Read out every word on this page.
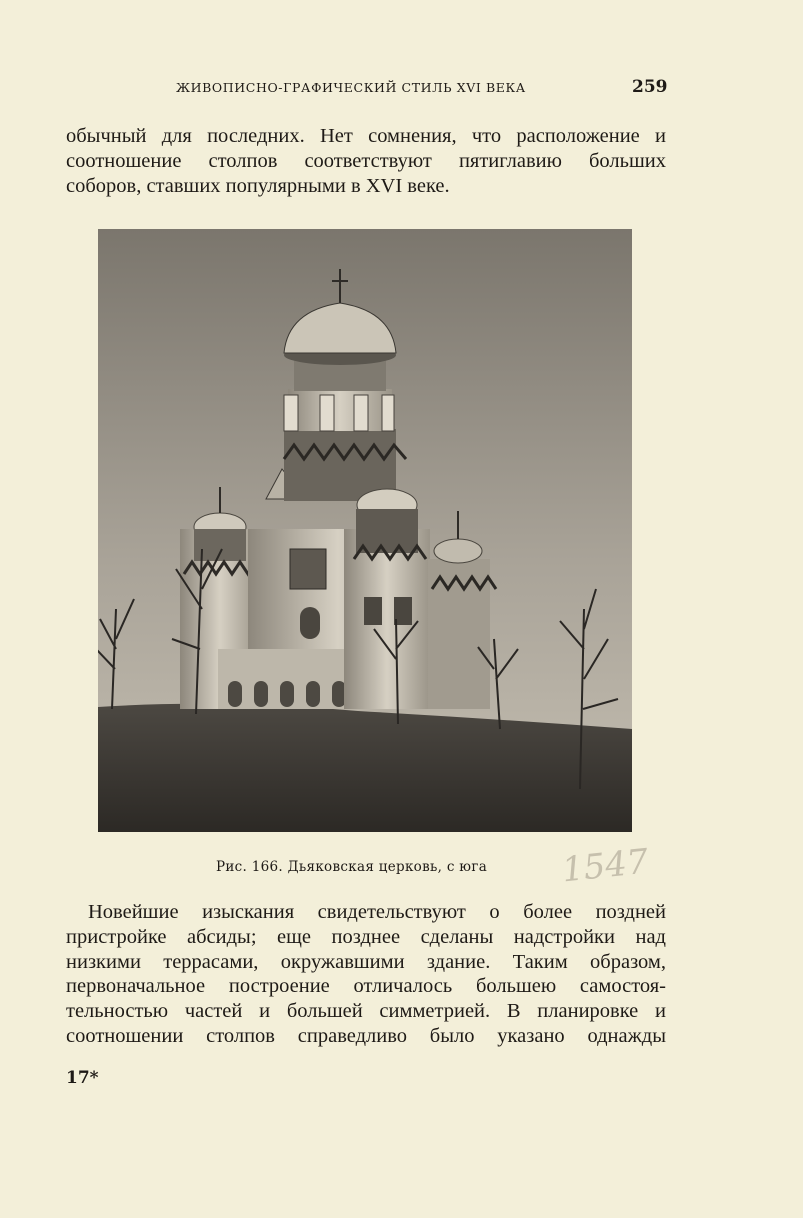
ЖИВОПИСНО-ГРАФИЧЕСКИЙ СТИЛЬ XVI ВЕКА	259

обычный для последних. Нет сомнения, что расположение и
соотношение столпов соответствуют пятиглавию больших
соборов, ставших популярными в XVI веке.

Рис. 166. Дьяковская церковь, с юга 1547

Новейшие изыскания свидетельствуют о более поздней
пристройке абсиды; еще позднее сделаны надстройки над
низкими террасами, окружавшими здание. Таким образом,
первоначальное построение отличалось большею самостоя-
тельностью частей и большей симметрией. В планировке и
соотношении столпов справедливо было указано однажды

17*
